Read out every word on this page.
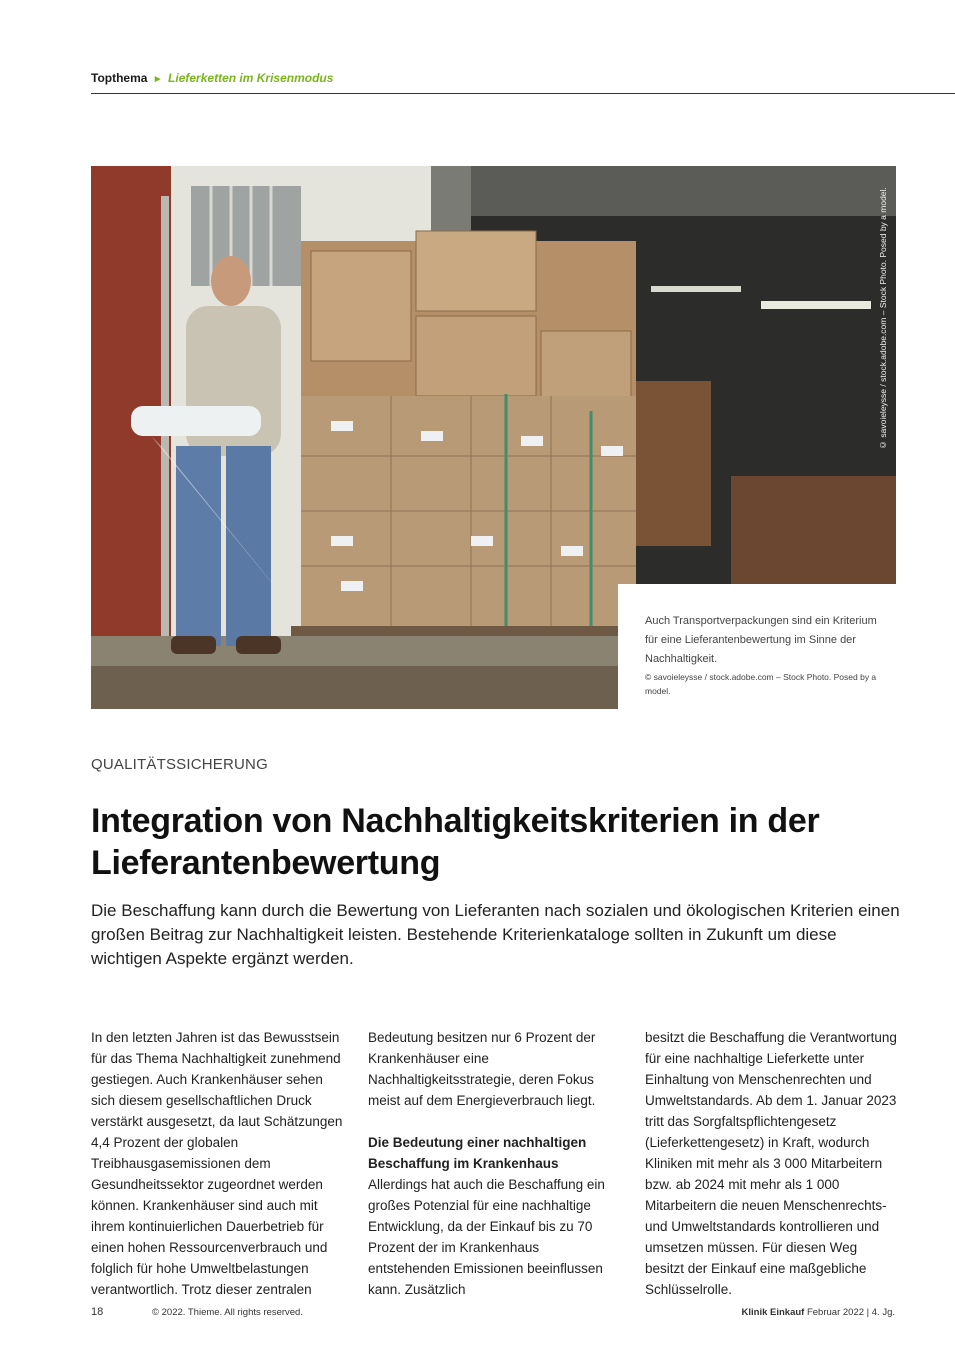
Topthema ► Lieferketten im Krisenmodus
© savoieleysse / stock.adobe.com – Stock Photo. Posed by a model.
Auch Transportverpackungen sind ein Kriterium für eine Lieferantenbewertung im Sinne der Nachhaltigkeit.
© savoieleysse / stock.adobe.com – Stock Photo. Posed by a model.
QUALITÄTSSICHERUNG
Integration von Nachhaltigkeitskriterien in der Lieferantenbewertung

Die Beschaffung kann durch die Bewertung von Lieferanten nach sozialen und ökologischen Kriterien einen großen Beitrag zur Nachhaltigkeit leisten. Bestehende Kriterienkataloge sollten in Zukunft um diese wichtigen Aspekte ergänzt werden.

In den letzten Jahren ist das Bewusstsein für das Thema Nachhaltigkeit zunehmend gestiegen. Auch Krankenhäuser sehen sich diesem gesellschaftlichen Druck verstärkt ausgesetzt, da laut Schätzungen 4,4 Prozent der globalen Treibhausgasemissionen dem Gesundheitssektor zugeordnet werden können. Krankenhäuser sind auch mit ihrem kontinuierlichen Dauerbetrieb für einen hohen Ressourcenverbrauch und folglich für hohe Umweltbelastungen verantwortlich. Trotz dieser zentralen

Bedeutung besitzen nur 6 Prozent der Krankenhäuser eine Nachhaltigkeitsstrategie, deren Fokus meist auf dem Energieverbrauch liegt.

Die Bedeutung einer nachhaltigen Beschaffung im Krankenhaus

Allerdings hat auch die Beschaffung ein großes Potenzial für eine nachhaltige Entwicklung, da der Einkauf bis zu 70 Prozent der im Krankenhaus entstehenden Emissionen beeinflussen kann. Zusätzlich

besitzt die Beschaffung die Verantwortung für eine nachhaltige Lieferkette unter Einhaltung von Menschenrechten und Umweltstandards. Ab dem 1. Januar 2023 tritt das Sorgfaltspflichtengesetz (Lieferkettengesetz) in Kraft, wodurch Kliniken mit mehr als 3 000 Mitarbeitern bzw. ab 2024 mit mehr als 1 000 Mitarbeitern die neuen Menschenrechts- und Umweltstandards kontrollieren und umsetzen müssen. Für diesen Weg besitzt der Einkauf eine maßgebliche Schlüsselrolle.

18	© 2022. Thieme. All rights reserved.	Klinik Einkauf Februar 2022 | 4. Jg.
